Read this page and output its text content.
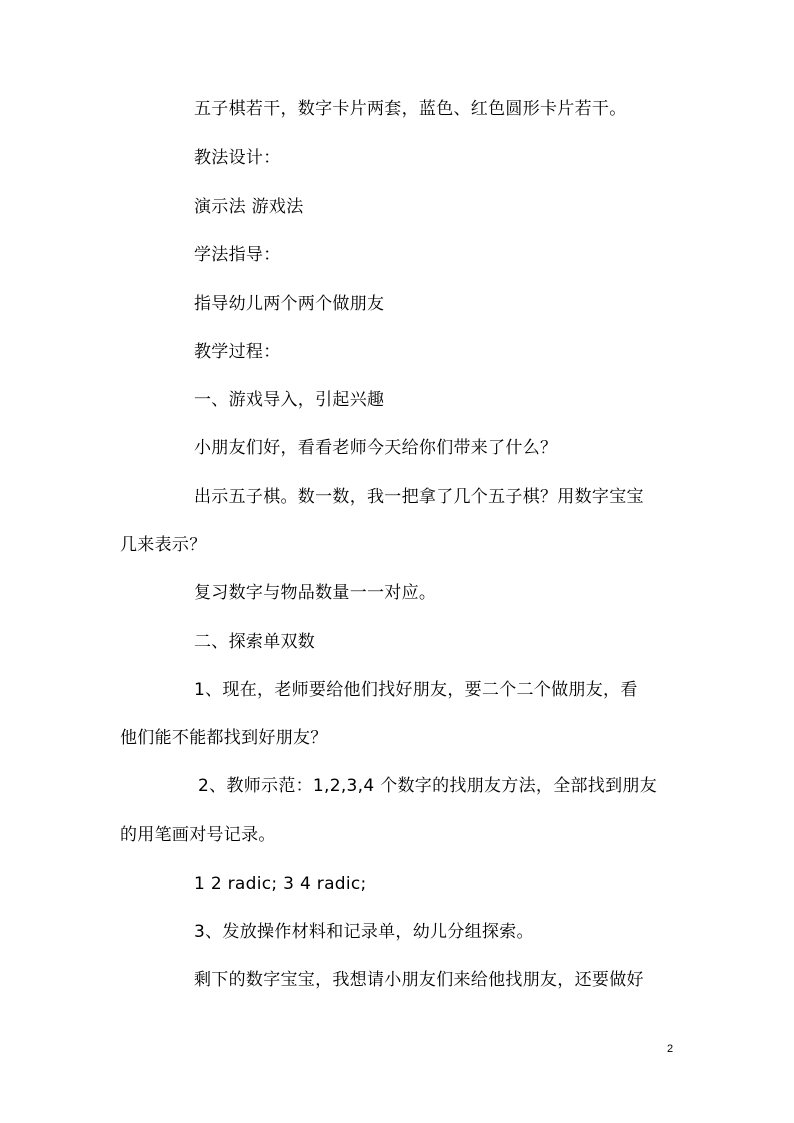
五子棋若干，数字卡片两套，蓝色、红色圆形卡片若干。
教法设计：
演示法 游戏法
学法指导：
指导幼儿两个两个做朋友
教学过程：
一、游戏导入，引起兴趣
小朋友们好，看看老师今天给你们带来了什么？
出示五子棋。数一数，我一把拿了几个五子棋？用数字宝宝
几来表示？
复习数字与物品数量一一对应。
二、探索单双数
1、现在，老师要给他们找好朋友，要二个二个做朋友，看
他们能不能都找到好朋友？
2、教师示范：1,2,3,4 个数字的找朋友方法，全部找到朋友
的用笔画对号记录。
1 2 radic; 3 4 radic;
3、发放操作材料和记录单，幼儿分组探索。
剩下的数字宝宝，我想请小朋友们来给他找朋友，还要做好
2
